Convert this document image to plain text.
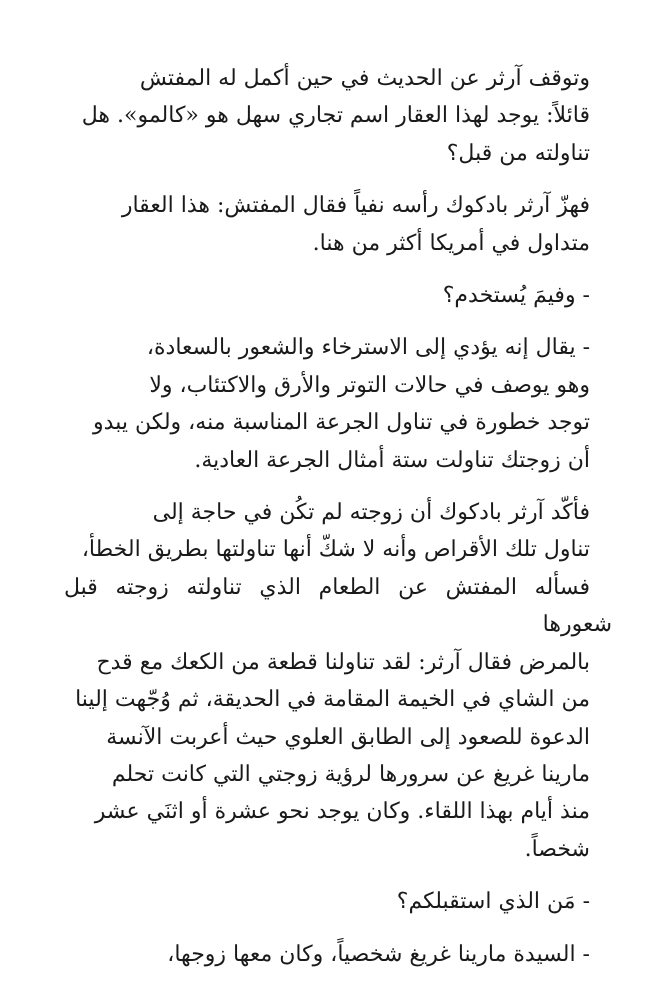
وتوقف آرثر عن الحديث في حين أكمل له المفتش
قائلاً: يوجد لهذا العقار اسم تجاري سهل هو «كالمو». هل
تناولته من قبل؟
فهزّ آرثر بادكوك رأسه نفياً فقال المفتش: هذا العقار
متداول في أمريكا أكثر من هنا.
- وفيمَ يُستخدم؟
- يقال إنه يؤدي إلى الاسترخاء والشعور بالسعادة،
وهو يوصف في حالات التوتر والأرق والاكتئاب، ولا
توجد خطورة في تناول الجرعة المناسبة منه، ولكن يبدو
أن زوجتك تناولت ستة أمثال الجرعة العادية.
فأكّد آرثر بادكوك أن زوجته لم تكُن في حاجة إلى
تناول تلك الأقراص وأنه لا شكّ أنها تناولتها بطريق الخطأ،
فسأله المفتش عن الطعام الذي تناولته زوجته قبل شعورها
بالمرض فقال آرثر: لقد تناولنا قطعة من الكعك مع قدح
من الشاي في الخيمة المقامة في الحديقة، ثم وُجّهت إلينا
الدعوة للصعود إلى الطابق العلوي حيث أعربت الآنسة
مارينا غريغ عن سرورها لرؤية زوجتي التي كانت تحلم
منذ أيام بهذا اللقاء. وكان يوجد نحو عشرة أو اثنَي عشر
شخصاً.
- مَن الذي استقبلكم؟
- السيدة مارينا غريغ شخصياً، وكان معها زوجها،
